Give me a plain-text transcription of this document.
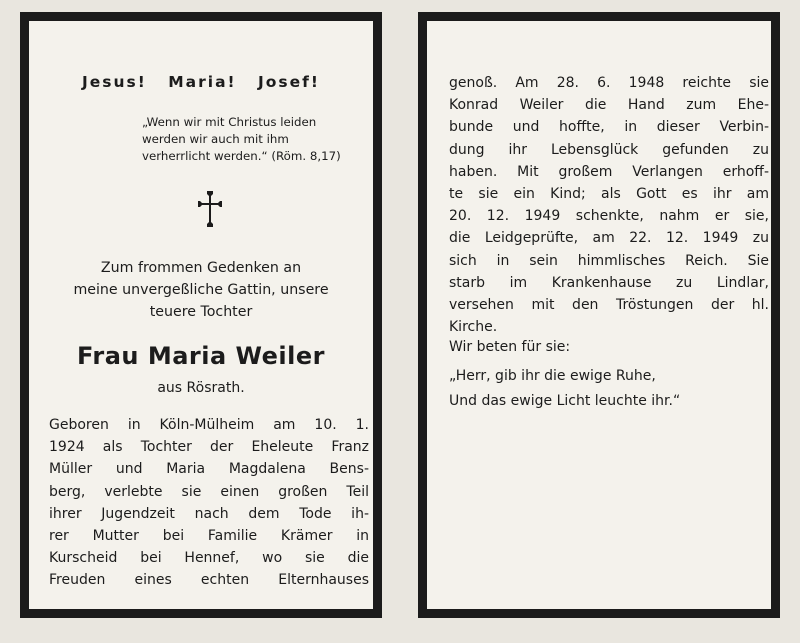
Jesus! Maria! Josef!
„Wenn wir mit Christus leiden
werden wir auch mit ihm
verherrlicht werden.“ (Röm. 8,17)
Zum frommen Gedenken an
meine unvergeßliche Gattin, unsere
teuere Tochter
Frau Maria Weiler
aus Rösrath.
Geboren in Köln-Mülheim am 10. 1.
1924 als Tochter der Eheleute Franz
Müller und Maria Magdalena Bens-
berg, verlebte sie einen großen Teil
ihrer Jugendzeit nach dem Tode ih-
rer Mutter bei Familie Krämer in
Kurscheid bei Hennef, wo sie die
Freuden eines echten Elternhauses
genoß. Am 28. 6. 1948 reichte sie
Konrad Weiler die Hand zum Ehe-
bunde und hoffte, in dieser Verbin-
dung ihr Lebensglück gefunden zu
haben. Mit großem Verlangen erhoff-
te sie ein Kind; als Gott es ihr am
20. 12. 1949 schenkte, nahm er sie,
die Leidgeprüfte, am 22. 12. 1949 zu
sich in sein himmlisches Reich. Sie
starb im Krankenhause zu Lindlar,
versehen mit den Tröstungen der hl.
Kirche.
Wir beten für sie:
„Herr, gib ihr die ewige Ruhe,
Und das ewige Licht leuchte ihr.“
